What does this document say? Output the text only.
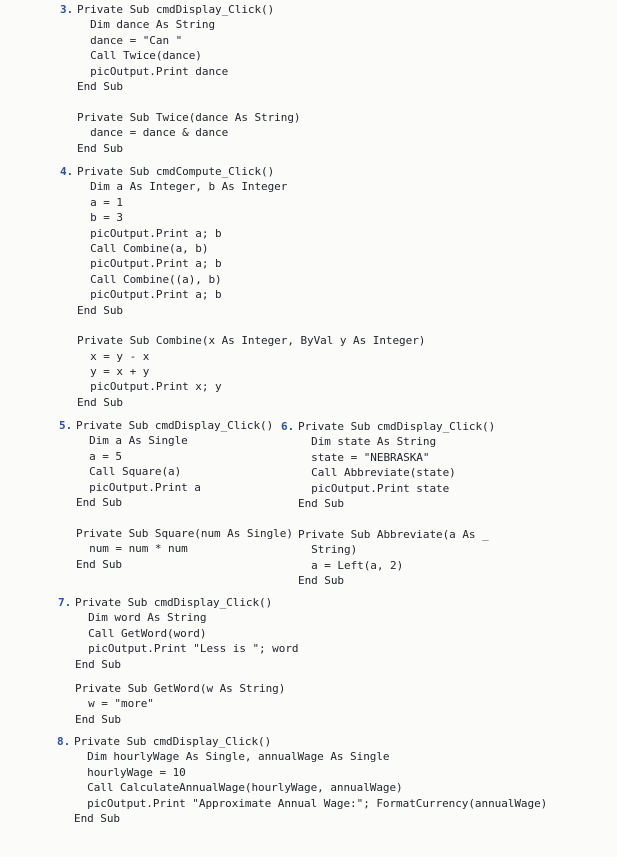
3. Private Sub cmdDisplay_Click()
Dim dance As String
dance = "Can "
Call Twice(dance)
picOutput.Print dance
End Sub
Private Sub Twice(dance As String)
dance = dance & dance
End Sub
4. Private Sub cmdCompute_Click()
Dim a As Integer, b As Integer
a = 1
b = 3
picOutput.Print a; b
Call Combine(a, b)
picOutput.Print a; b
Call Combine((a), b)
picOutput.Print a; b
End Sub
Private Sub Combine(x As Integer, ByVal y As Integer)
x = y - x
y = x + y
picOutput.Print x; y
End Sub
5. Private Sub cmdDisplay_Click()
Dim a As Single
a = 5
Call Square(a)
picOutput.Print a
End Sub
Private Sub Square(num As Single)
num = num * num
End Sub
6. Private Sub cmdDisplay_Click()
Dim state As String
state = "NEBRASKA"
Call Abbreviate(state)
picOutput.Print state
End Sub
Private Sub Abbreviate(a As _
String)
a = Left(a, 2)
End Sub
7. Private Sub cmdDisplay_Click()
Dim word As String
Call GetWord(word)
picOutput.Print "Less is "; word
End Sub
Private Sub GetWord(w As String)
w = "more"
End Sub
8. Private Sub cmdDisplay_Click()
Dim hourlyWage As Single, annualWage As Single
hourlyWage = 10
Call CalculateAnnualWage(hourlyWage, annualWage)
picOutput.Print "Approximate Annual Wage:"; FormatCurrency(annualWage)
End Sub
